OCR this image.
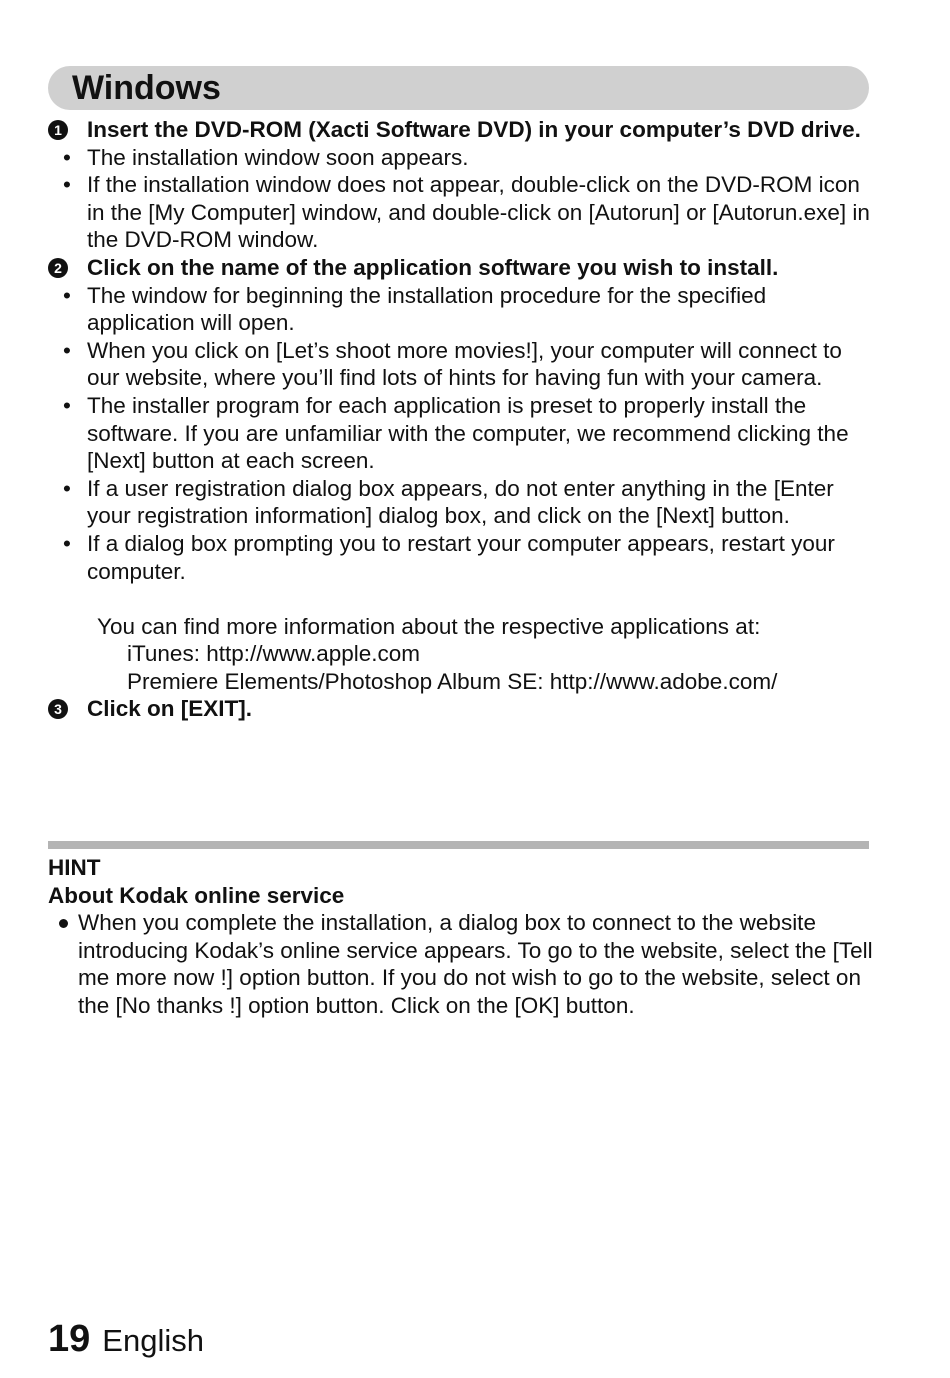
Windows
1 Insert the DVD-ROM (Xacti Software DVD) in your computer’s DVD drive.
• The installation window soon appears.
• If the installation window does not appear, double-click on the DVD-ROM icon in the [My Computer] window, and double-click on [Autorun] or [Autorun.exe] in the DVD-ROM window.
2 Click on the name of the application software you wish to install.
• The window for beginning the installation procedure for the specified application will open.
• When you click on [Let’s shoot more movies!], your computer will connect to our website, where you’ll find lots of hints for having fun with your camera.
• The installer program for each application is preset to properly install the software. If you are unfamiliar with the computer, we recommend clicking the [Next] button at each screen.
• If a user registration dialog box appears, do not enter anything in the [Enter your registration information] dialog box, and click on the [Next] button.
• If a dialog box prompting you to restart your computer appears, restart your computer.
You can find more information about the respective applications at:
iTunes: http://www.apple.com
Premiere Elements/Photoshop Album SE: http://www.adobe.com/
3 Click on [EXIT].
HINT
About Kodak online service
When you complete the installation, a dialog box to connect to the website introducing Kodak’s online service appears. To go to the website, select the [Tell me more now !] option button. If you do not wish to go to the website, select on the [No thanks !] option button. Click on the [OK] button.
19 English
